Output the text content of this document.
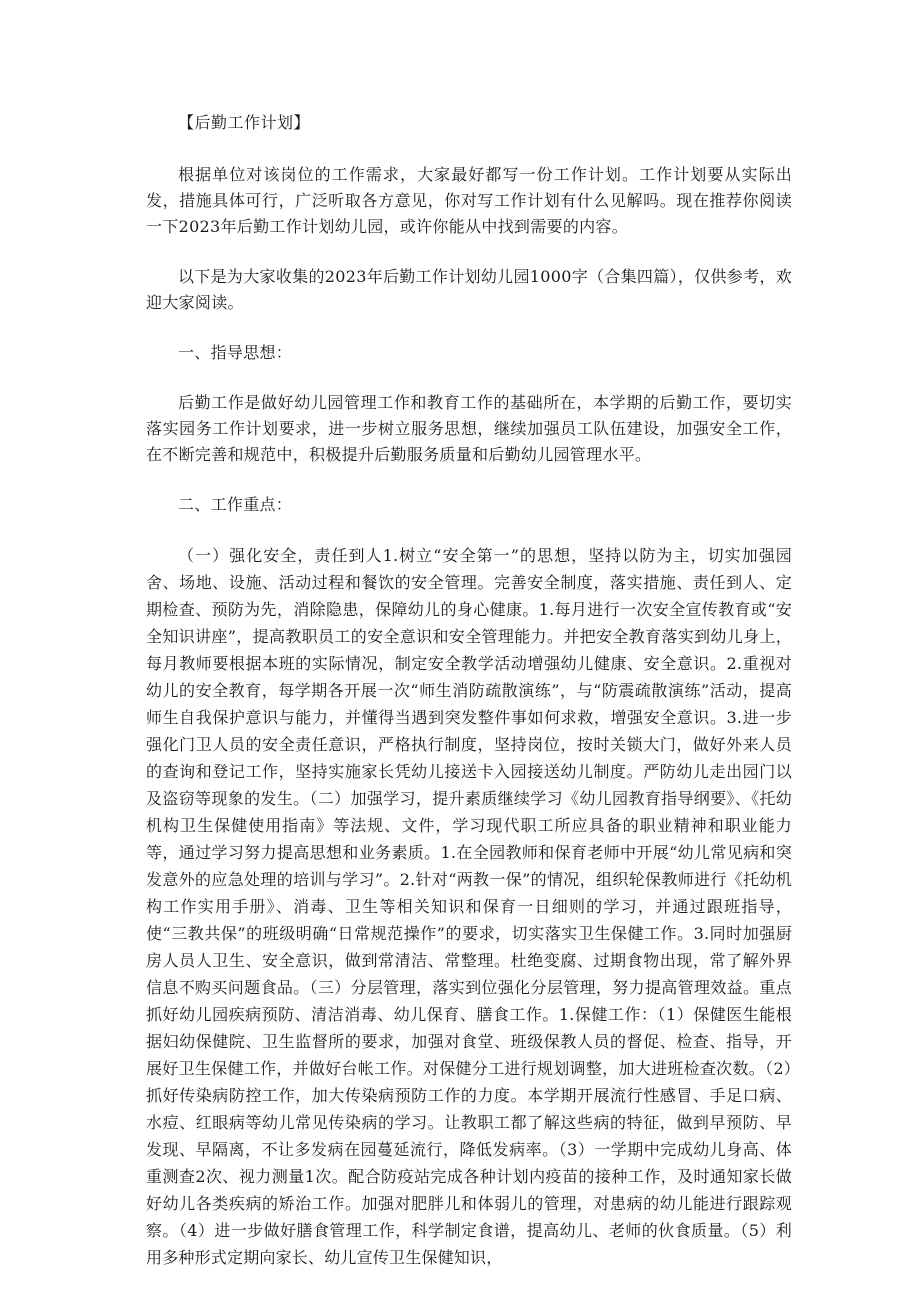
【后勤工作计划】

根据单位对该岗位的工作需求，大家最好都写一份工作计划。工作计划要从实际出发，措施具体可行，广泛听取各方意见，你对写工作计划有什么见解吗。现在推荐你阅读一下2023年后勤工作计划幼儿园，或许你能从中找到需要的内容。

以下是为大家收集的2023年后勤工作计划幼儿园1000字（合集四篇），仅供参考，欢迎大家阅读。

一、指导思想：

后勤工作是做好幼儿园管理工作和教育工作的基础所在，本学期的后勤工作，要切实落实园务工作计划要求，进一步树立服务思想，继续加强员工队伍建设，加强安全工作，在不断完善和规范中，积极提升后勤服务质量和后勤幼儿园管理水平。

二、工作重点：

（一）强化安全，责任到人1.树立“安全第一”的思想，坚持以防为主，切实加强园舍、场地、设施、活动过程和餐饮的安全管理。完善安全制度，落实措施、责任到人、定期检查、预防为先，消除隐患，保障幼儿的身心健康。1.每月进行一次安全宣传教育或“安全知识讲座”，提高教职员工的安全意识和安全管理能力。并把安全教育落实到幼儿身上，每月教师要根据本班的实际情况，制定安全教学活动增强幼儿健康、安全意识。2.重视对幼儿的安全教育，每学期各开展一次“师生消防疏散演练”，与“防震疏散演练”活动，提高师生自我保护意识与能力，并懂得当遇到突发整件事如何求救，增强安全意识。3.进一步强化门卫人员的安全责任意识，严格执行制度，坚持岗位，按时关锁大门，做好外来人员的查询和登记工作，坚持实施家长凭幼儿接送卡入园接送幼儿制度。严防幼儿走出园门以及盗窃等现象的发生。（二）加强学习，提升素质继续学习《幼儿园教育指导纲要》、《托幼机构卫生保健使用指南》等法规、文件，学习现代职工所应具备的职业精神和职业能力等，通过学习努力提高思想和业务素质。1.在全园教师和保育老师中开展“幼儿常见病和突发意外的应急处理的培训与学习”。2.针对“两教一保”的情况，组织轮保教师进行《托幼机构工作实用手册》、消毒、卫生等相关知识和保育一日细则的学习，并通过跟班指导，使“三教共保”的班级明确“日常规范操作”的要求，切实落实卫生保健工作。3.同时加强厨房人员人卫生、安全意识，做到常清洁、常整理。杜绝变腐、过期食物出现，常了解外界信息不购买问题食品。（三）分层管理，落实到位强化分层管理，努力提高管理效益。重点抓好幼儿园疾病预防、清洁消毒、幼儿保育、膳食工作。1.保健工作：（1）保健医生能根据妇幼保健院、卫生监督所的要求，加强对食堂、班级保教人员的督促、检查、指导，开展好卫生保健工作，并做好台帐工作。对保健分工进行规划调整，加大进班检查次数。（2）抓好传染病防控工作，加大传染病预防工作的力度。本学期开展流行性感冒、手足口病、水痘、红眼病等幼儿常见传染病的学习。让教职工都了解这些病的特征，做到早预防、早发现、早隔离，不让多发病在园蔓延流行，降低发病率。（3）一学期中完成幼儿身高、体重测查2次、视力测量1次。配合防疫站完成各种计划内疫苗的接种工作，及时通知家长做好幼儿各类疾病的矫治工作。加强对肥胖儿和体弱儿的管理，对患病的幼儿能进行跟踪观察。（4）进一步做好膳食管理工作，科学制定食谱，提高幼儿、老师的伙食质量。（5）利用多种形式定期向家长、幼儿宣传卫生保健知识，
